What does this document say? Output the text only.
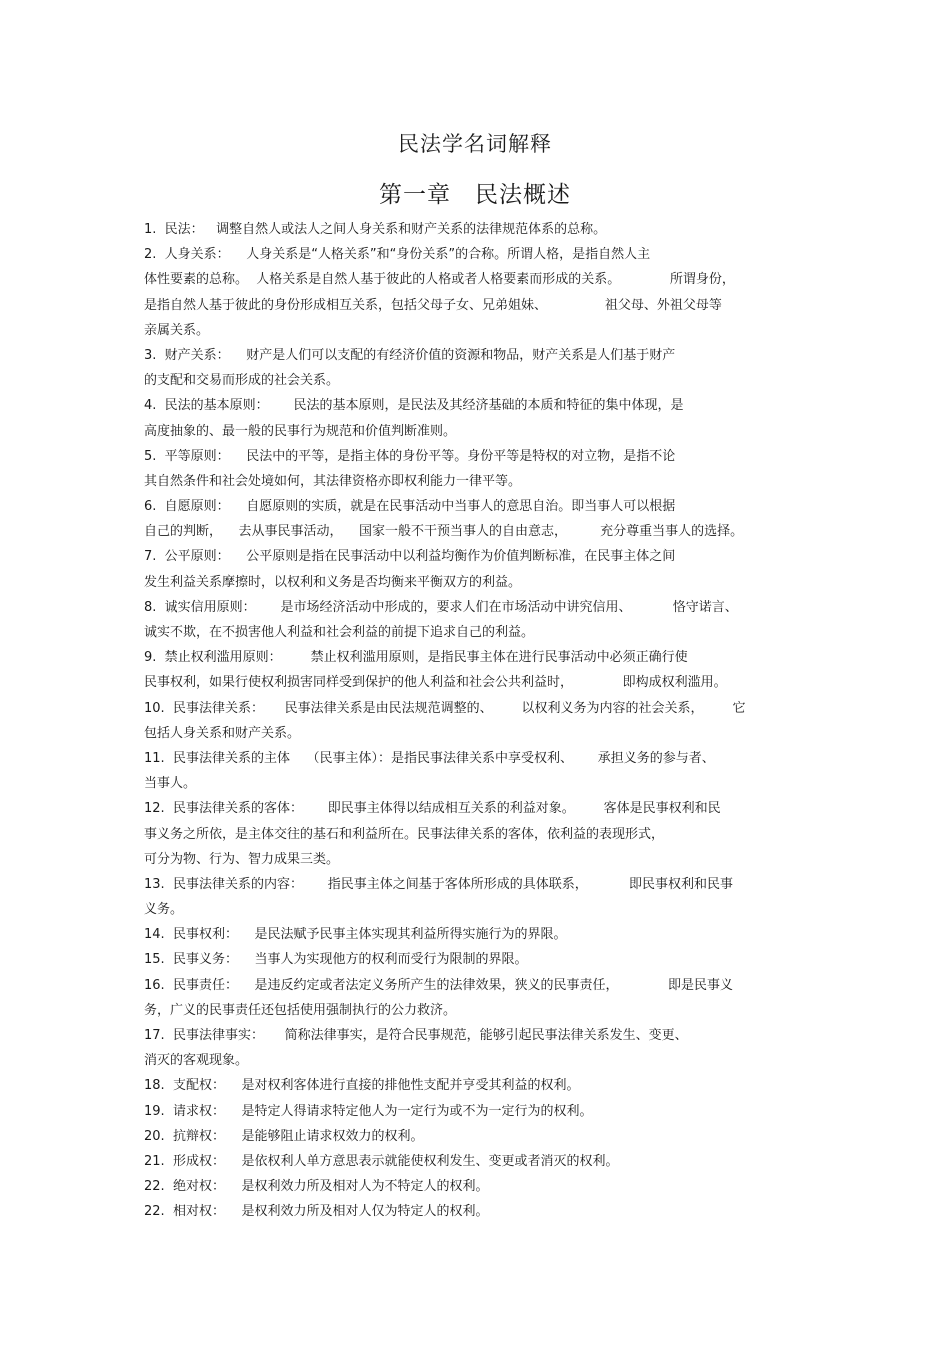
民法学名词解释
第一章　民法概述
1.  民法：   调整自然人或法人之间人身关系和财产关系的法律规范体系的总称。
2.  人身关系：    人身关系是“人格关系”和“身份关系”的合称。所谓人格，是指自然人主
体性要素的总称。  人格关系是自然人基于彼此的人格或者人格要素而形成的关系。            所谓身份，
是指自然人基于彼此的身份形成相互关系，包括父母子女、兄弟姐妹、              祖父母、外祖父母等
亲属关系。
3.  财产关系：    财产是人们可以支配的有经济价值的资源和物品，财产关系是人们基于财产
的支配和交易而形成的社会关系。
4.  民法的基本原则：      民法的基本原则，是民法及其经济基础的本质和特征的集中体现，是
高度抽象的、最一般的民事行为规范和价值判断准则。
5.  平等原则：    民法中的平等，是指主体的身份平等。身份平等是特权的对立物，是指不论
其自然条件和社会处境如何，其法律资格亦即权利能力一律平等。
6.  自愿原则：    自愿原则的实质，就是在民事活动中当事人的意思自治。即当事人可以根据
自己的判断，    去从事民事活动，    国家一般不干预当事人的自由意志，        充分尊重当事人的选择。
7.  公平原则：    公平原则是指在民事活动中以利益均衡作为价值判断标准，在民事主体之间
发生利益关系摩擦时，以权利和义务是否均衡来平衡双方的利益。
8.  诚实信用原则：      是市场经济活动中形成的，要求人们在市场活动中讲究信用、          恪守诺言、
诚实不欺，在不损害他人利益和社会利益的前提下追求自己的利益。
9.  禁止权利滥用原则：       禁止权利滥用原则，是指民事主体在进行民事活动中必须正确行使
民事权利，如果行使权利损害同样受到保护的他人利益和社会公共利益时，            即构成权利滥用。
10.  民事法律关系：     民事法律关系是由民法规范调整的、       以权利义务为内容的社会关系，       它
包括人身关系和财产关系。
11.  民事法律关系的主体    （民事主体）：是指民事法律关系中享受权利、      承担义务的参与者、
当事人。
12.  民事法律关系的客体：      即民事主体得以结成相互关系的利益对象。       客体是民事权利和民
事义务之所依，是主体交往的基石和利益所在。民事法律关系的客体，依利益的表现形式，
可分为物、行为、智力成果三类。
13.  民事法律关系的内容：      指民事主体之间基于客体所形成的具体联系，          即民事权利和民事
义务。
14.  民事权利：    是民法赋予民事主体实现其利益所得实施行为的界限。
15.  民事义务：    当事人为实现他方的权利而受行为限制的界限。
16.  民事责任：    是违反约定或者法定义务所产生的法律效果，狭义的民事责任，            即是民事义
务，广义的民事责任还包括使用强制执行的公力救济。
17.  民事法律事实：     简称法律事实，是符合民事规范，能够引起民事法律关系发生、变更、
消灭的客观现象。
18.  支配权：    是对权利客体进行直接的排他性支配并亨受其利益的权利。
19.  请求权：    是特定人得请求特定他人为一定行为或不为一定行为的权利。
20.  抗辩权：    是能够阻止请求权效力的权利。
21.  形成权：    是依权利人单方意思表示就能使权利发生、变更或者消灭的权利。
22.  绝对权：    是权利效力所及相对人为不特定人的权利。
22.  相对权：    是权利效力所及相对人仅为特定人的权利。
